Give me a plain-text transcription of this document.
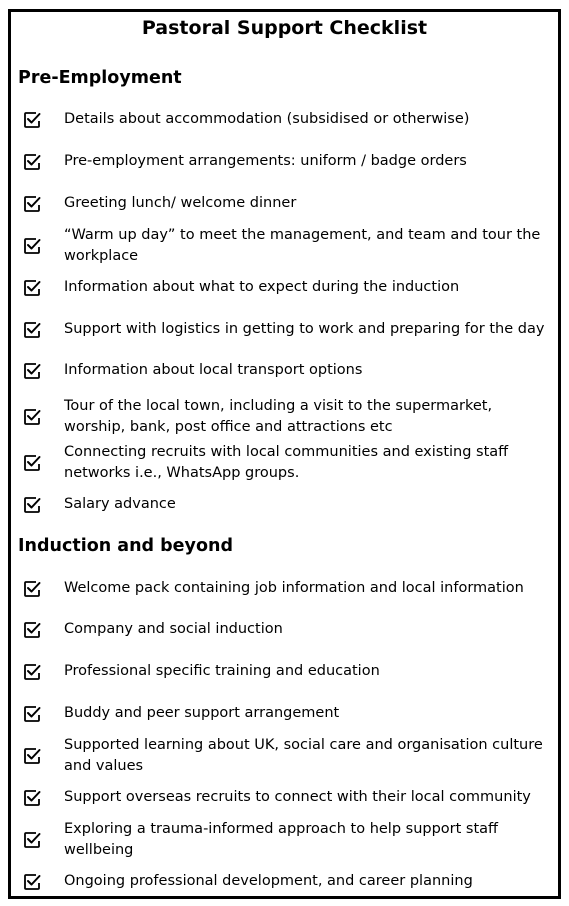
Pastoral Support Checklist
Pre-Employment
Details about accommodation (subsidised or otherwise)
Pre-employment arrangements: uniform / badge orders
Greeting lunch/ welcome dinner
“Warm up day” to meet the management, and team and tour the workplace
Information about what to expect during the induction
Support with logistics in getting to work and preparing for the day
Information about local transport options
Tour of the local town, including a visit to the supermarket, worship, bank, post office and attractions etc
Connecting recruits with local communities and existing staff networks i.e., WhatsApp groups.
Salary advance
Induction and beyond
Welcome pack containing job information and local information
Company and social induction
Professional specific training and education
Buddy and peer support arrangement
Supported learning about UK, social care and organisation culture and values
Support overseas recruits to connect with their local community
Exploring a trauma-informed approach to help support staff wellbeing
Ongoing professional development, and career planning
